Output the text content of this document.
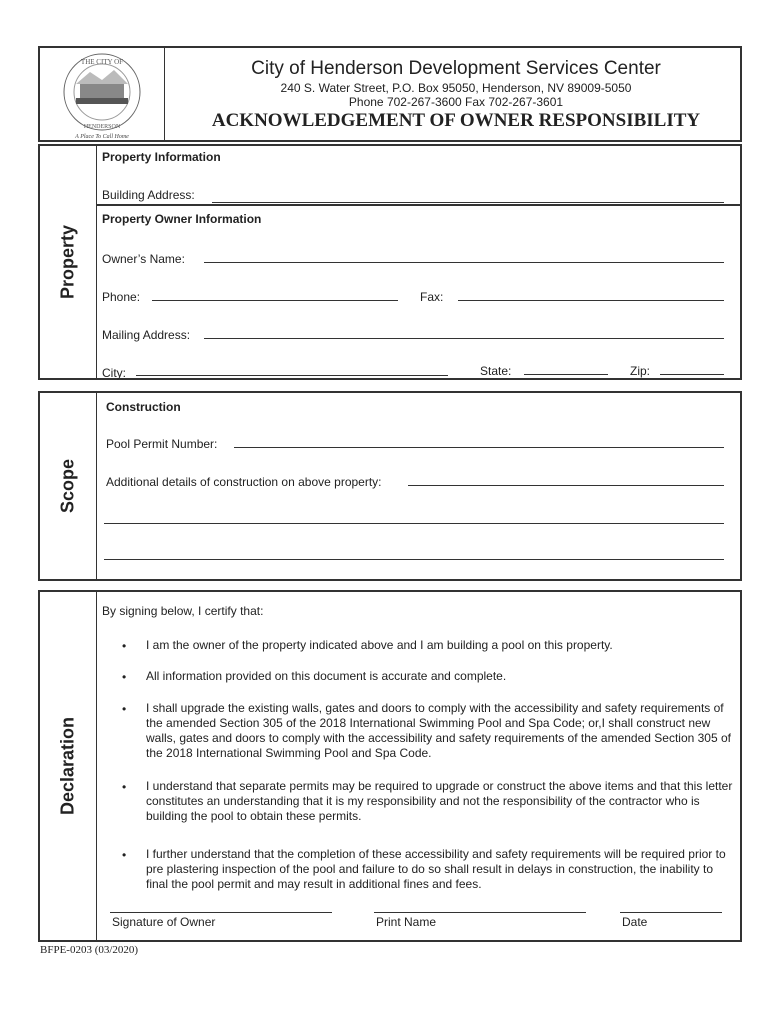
THE CITY OF
HENDERSON
A Place To Call Home
City of Henderson Development Services Center
240 S. Water Street, P.O. Box 95050, Henderson, NV 89009-5050
Phone 702-267-3600 Fax 702-267-3601
ACKNOWLEDGEMENT OF OWNER RESPONSIBILITY
Property
Property Information
Building Address:
Property Owner Information
Owner’s Name:
Phone:	Fax:
Mailing Address:
City:	State:	Zip:
Scope
Construction
Pool Permit Number:
Additional details of construction on above property:
Declaration
By signing below, I certify that:
• I am the owner of the property indicated above and I am building a pool on this property.
• All information provided on this document is accurate and complete.
• I shall upgrade the existing walls, gates and doors to comply with the accessibility and safety requirements of the amended Section 305 of the 2018 International Swimming Pool and Spa Code; or,I shall construct new walls, gates and doors to comply with the accessibility and safety requirements of the amended Section 305 of the 2018 International Swimming Pool and Spa Code.
• I understand that separate permits may be required to upgrade or construct the above items and that this letter constitutes an understanding that it is my responsibility and not the responsibility of the contractor who is building the pool to obtain these permits.
• I further understand that the completion of these accessibility and safety requirements will be required prior to pre plastering inspection of the pool and failure to do so shall result in delays in construction, the inability to final the pool permit and may result in additional fines and fees.
Signature of Owner	Print Name	Date
BFPE-0203 (03/2020)
